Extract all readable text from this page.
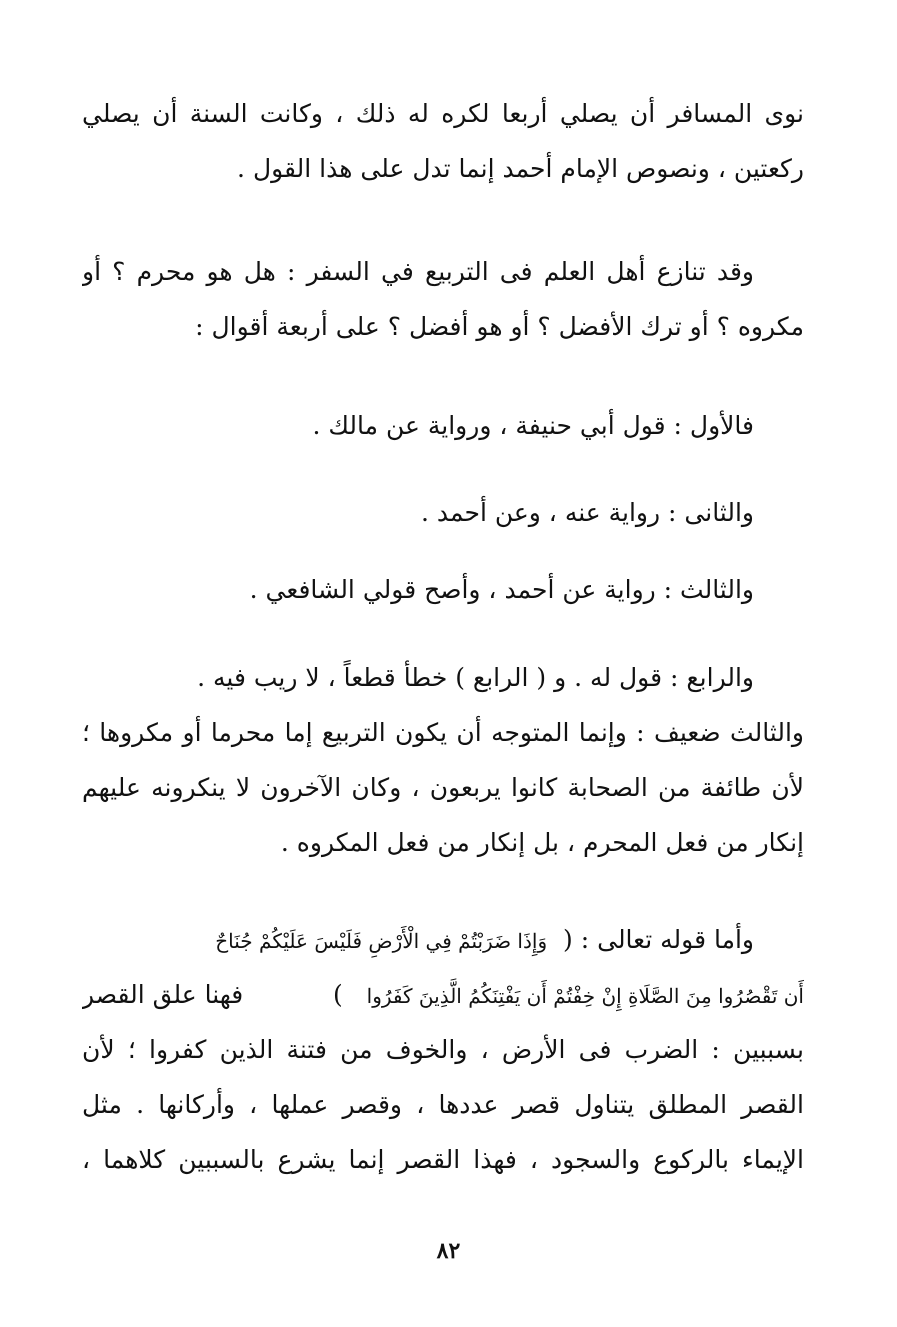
نوى المسافر أن يصلي أربعا لكره له ذلك ، وكانت السنة أن يصلي
ركعتين ، ونصوص الإمام أحمد إنما تدل على هذا القول .
وقد تنازع أهل العلم فى التربيع في السفر : هل هو محرم ؟ أو
مكروه ؟ أو ترك الأفضل ؟ أو هو أفضل ؟ على أربعة أقوال :
فالأول : قول أبي حنيفة ، ورواية عن مالك .
والثانى : رواية عنه ، وعن أحمد .
والثالث : رواية عن أحمد ، وأصح قولي الشافعي .
والرابع : قول له . و ( الرابع ) خطأ قطعاً ، لا ريب فيه .
والثالث ضعيف : وإنما المتوجه أن يكون التربيع إما محرما أو مكروها ؛
لأن طائفة من الصحابة كانوا يربعون ، وكان الآخرون لا ينكرونه عليهم
إنكار من فعل المحرم ، بل إنكار من فعل المكروه .
وأما قوله تعالى : (  وَإِذَا ضَرَبْتُمْ فِي الْأَرْضِ فَلَيْسَ عَلَيْكُمْ جُنَاحٌ
أَن تَقْصُرُوا مِنَ الصَّلَاةِ إِنْ خِفْتُمْ أَن يَفْتِنَكُمُ الَّذِينَ كَفَرُوا   )
فهنا علق القصر
بسببين : الضرب فى الأرض ، والخوف من فتنة الذين كفروا ؛ لأن
القصر المطلق يتناول قصر عددها ، وقصر عملها ، وأركانها . مثل
الإيماء بالركوع والسجود ، فهذا القصر إنما يشرع بالسببين كلاهما ،
٨٢
